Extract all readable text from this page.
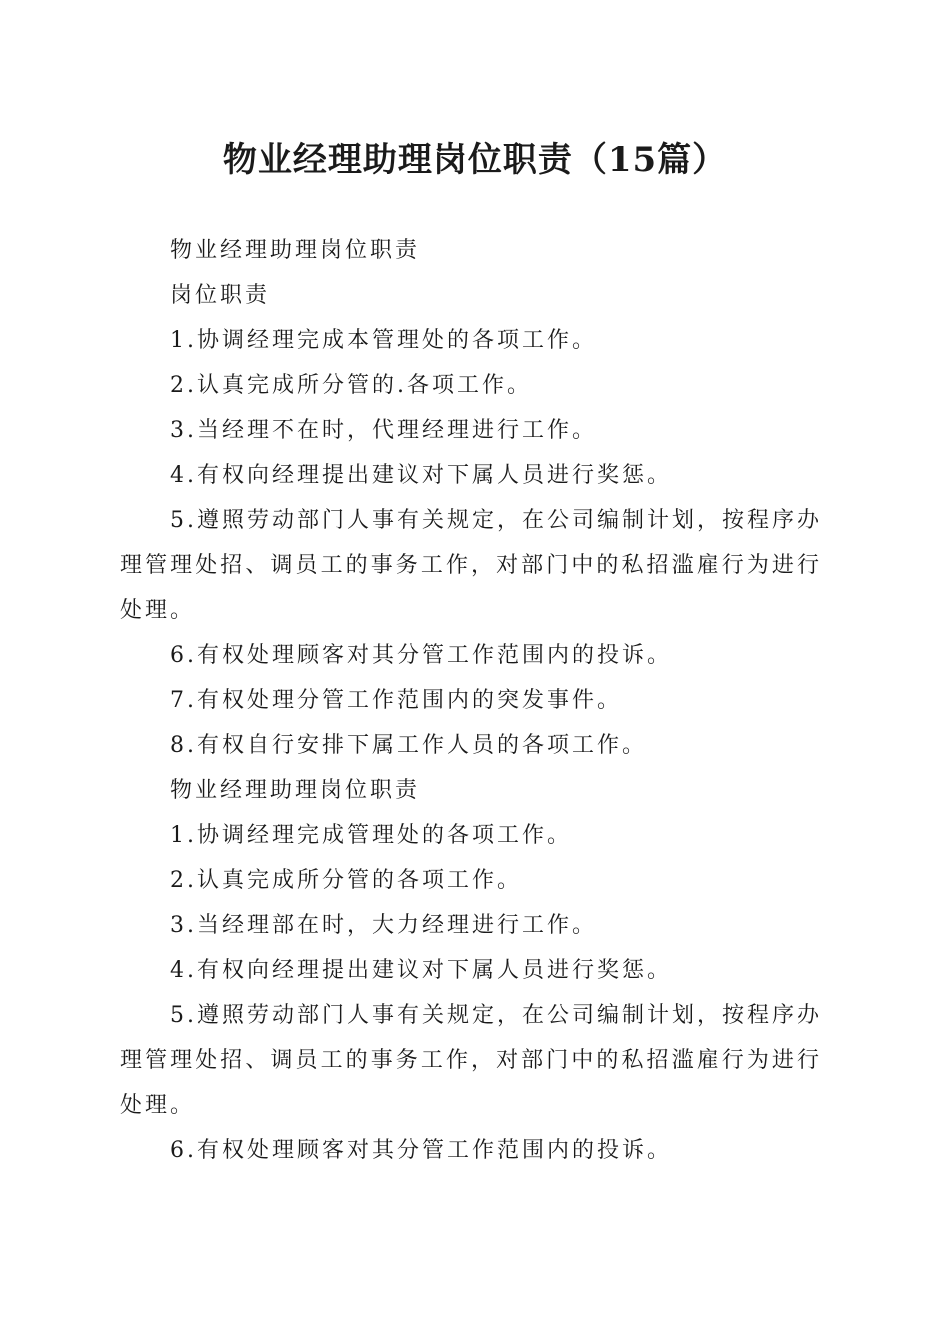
物业经理助理岗位职责（15篇）

物业经理助理岗位职责

岗位职责

1.协调经理完成本管理处的各项工作。

2.认真完成所分管的.各项工作。

3.当经理不在时，代理经理进行工作。

4.有权向经理提出建议对下属人员进行奖惩。

5.遵照劳动部门人事有关规定，在公司编制计划，按程序办理管理处招、调员工的事务工作，对部门中的私招滥雇行为进行处理。

6.有权处理顾客对其分管工作范围内的投诉。

7.有权处理分管工作范围内的突发事件。

8.有权自行安排下属工作人员的各项工作。

物业经理助理岗位职责

1.协调经理完成管理处的各项工作。

2.认真完成所分管的各项工作。

3.当经理部在时，大力经理进行工作。

4.有权向经理提出建议对下属人员进行奖惩。

5.遵照劳动部门人事有关规定，在公司编制计划，按程序办理管理处招、调员工的事务工作，对部门中的私招滥雇行为进行处理。

6.有权处理顾客对其分管工作范围内的投诉。
